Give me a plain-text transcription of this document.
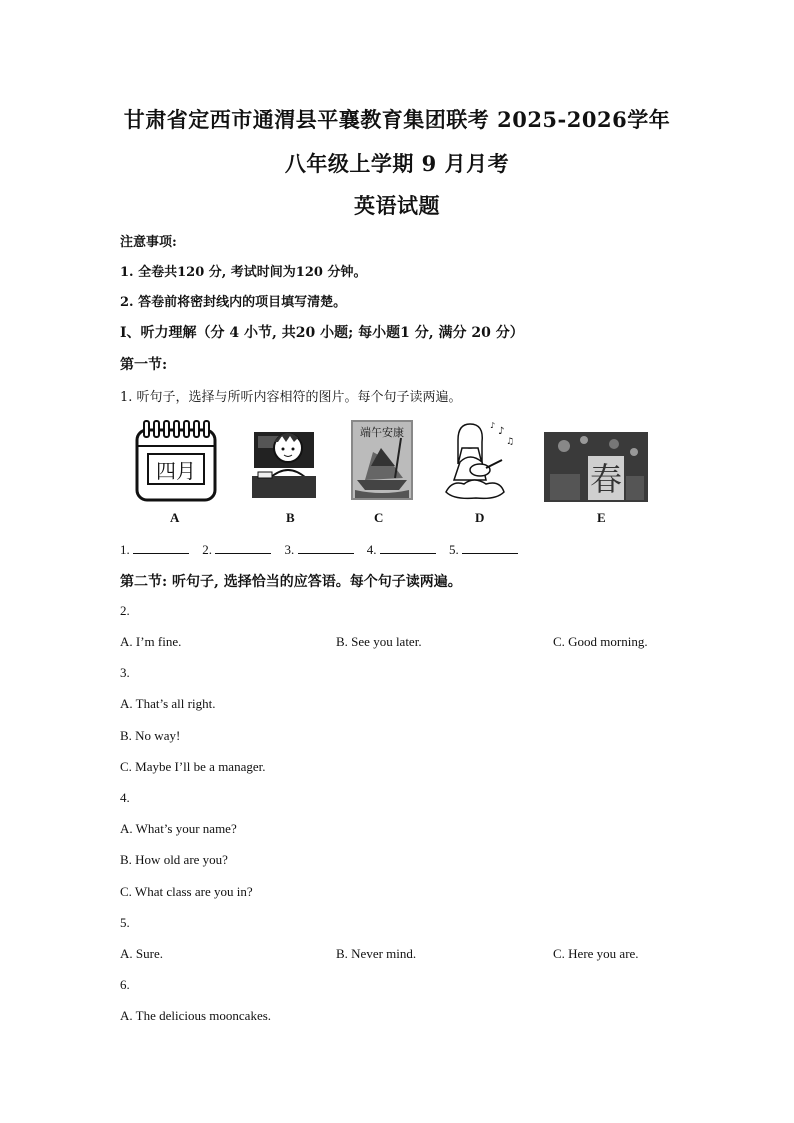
甘肃省定西市通渭县平襄教育集团联考 2025-2026学年
八年级上学期 9 月月考
英语试题
注意事项:
1. 全卷共120 分, 考试时间为120 分钟。
2. 答卷前将密封线内的项目填写清楚。
I、听力理解（分 4 小节, 共20 小题; 每小题1 分, 满分 20 分）
第一节:
1. 听句子，选择与所听内容相符的图片。每个句子读两遍。
四月
A	B
端午安康
C
♪
♫
♪
D
春
E
1.	2.	3.	4.	5.
第二节: 听句子, 选择恰当的应答语。每个句子读两遍。
2.
A. I’m fine.	B. See you later.	C. Good morning.
3.
A. That’s all right.
B. No way!
C. Maybe I’ll be a manager.
4.
A. What’s your name?
B. How old are you?
C. What class are you in?
5.
A. Sure.	B. Never mind.	C. Here you are.
6.
A. The delicious mooncakes.
